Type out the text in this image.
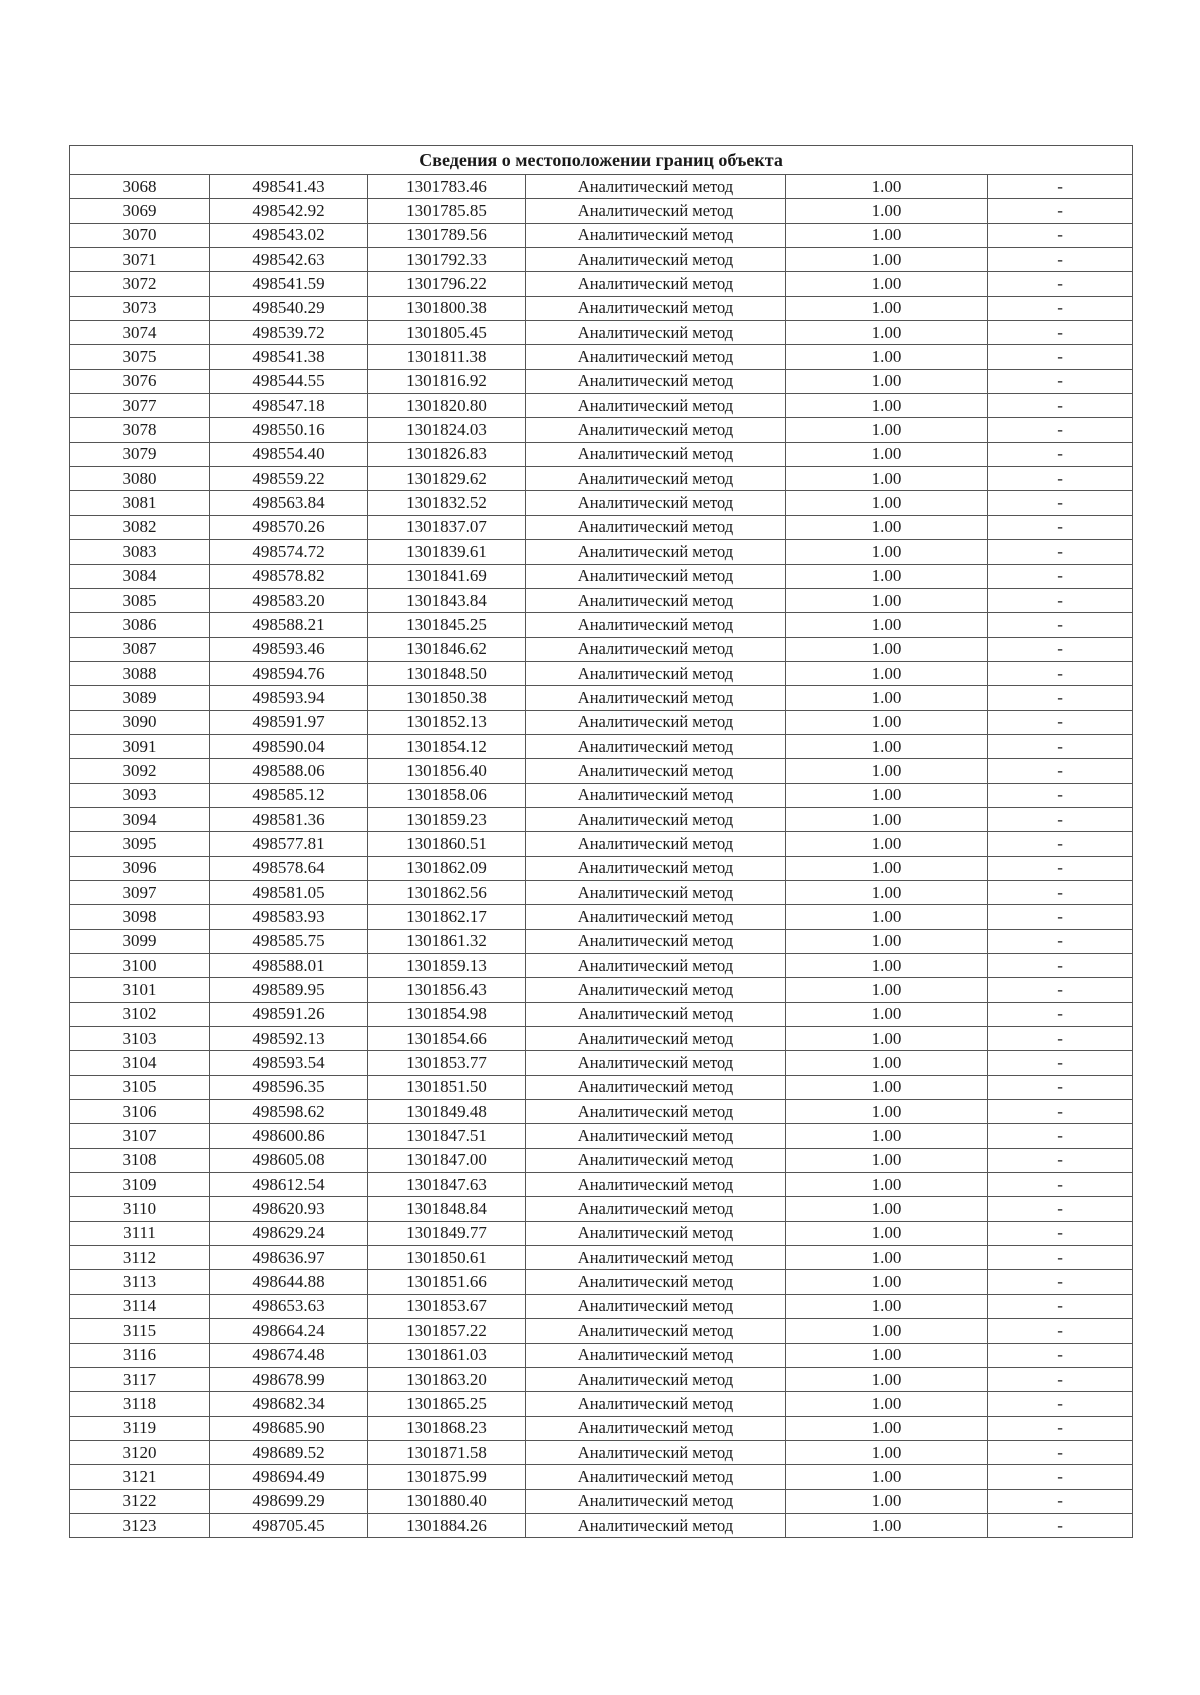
Сведения о местоположении границ объекта					
3068	498541.43	1301783.46	Аналитический метод	1.00	-
3069	498542.92	1301785.85	Аналитический метод	1.00	-
3070	498543.02	1301789.56	Аналитический метод	1.00	-
3071	498542.63	1301792.33	Аналитический метод	1.00	-
3072	498541.59	1301796.22	Аналитический метод	1.00	-
3073	498540.29	1301800.38	Аналитический метод	1.00	-
3074	498539.72	1301805.45	Аналитический метод	1.00	-
3075	498541.38	1301811.38	Аналитический метод	1.00	-
3076	498544.55	1301816.92	Аналитический метод	1.00	-
3077	498547.18	1301820.80	Аналитический метод	1.00	-
3078	498550.16	1301824.03	Аналитический метод	1.00	-
3079	498554.40	1301826.83	Аналитический метод	1.00	-
3080	498559.22	1301829.62	Аналитический метод	1.00	-
3081	498563.84	1301832.52	Аналитический метод	1.00	-
3082	498570.26	1301837.07	Аналитический метод	1.00	-
3083	498574.72	1301839.61	Аналитический метод	1.00	-
3084	498578.82	1301841.69	Аналитический метод	1.00	-
3085	498583.20	1301843.84	Аналитический метод	1.00	-
3086	498588.21	1301845.25	Аналитический метод	1.00	-
3087	498593.46	1301846.62	Аналитический метод	1.00	-
3088	498594.76	1301848.50	Аналитический метод	1.00	-
3089	498593.94	1301850.38	Аналитический метод	1.00	-
3090	498591.97	1301852.13	Аналитический метод	1.00	-
3091	498590.04	1301854.12	Аналитический метод	1.00	-
3092	498588.06	1301856.40	Аналитический метод	1.00	-
3093	498585.12	1301858.06	Аналитический метод	1.00	-
3094	498581.36	1301859.23	Аналитический метод	1.00	-
3095	498577.81	1301860.51	Аналитический метод	1.00	-
3096	498578.64	1301862.09	Аналитический метод	1.00	-
3097	498581.05	1301862.56	Аналитический метод	1.00	-
3098	498583.93	1301862.17	Аналитический метод	1.00	-
3099	498585.75	1301861.32	Аналитический метод	1.00	-
3100	498588.01	1301859.13	Аналитический метод	1.00	-
3101	498589.95	1301856.43	Аналитический метод	1.00	-
3102	498591.26	1301854.98	Аналитический метод	1.00	-
3103	498592.13	1301854.66	Аналитический метод	1.00	-
3104	498593.54	1301853.77	Аналитический метод	1.00	-
3105	498596.35	1301851.50	Аналитический метод	1.00	-
3106	498598.62	1301849.48	Аналитический метод	1.00	-
3107	498600.86	1301847.51	Аналитический метод	1.00	-
3108	498605.08	1301847.00	Аналитический метод	1.00	-
3109	498612.54	1301847.63	Аналитический метод	1.00	-
3110	498620.93	1301848.84	Аналитический метод	1.00	-
3111	498629.24	1301849.77	Аналитический метод	1.00	-
3112	498636.97	1301850.61	Аналитический метод	1.00	-
3113	498644.88	1301851.66	Аналитический метод	1.00	-
3114	498653.63	1301853.67	Аналитический метод	1.00	-
3115	498664.24	1301857.22	Аналитический метод	1.00	-
3116	498674.48	1301861.03	Аналитический метод	1.00	-
3117	498678.99	1301863.20	Аналитический метод	1.00	-
3118	498682.34	1301865.25	Аналитический метод	1.00	-
3119	498685.90	1301868.23	Аналитический метод	1.00	-
3120	498689.52	1301871.58	Аналитический метод	1.00	-
3121	498694.49	1301875.99	Аналитический метод	1.00	-
3122	498699.29	1301880.40	Аналитический метод	1.00	-
3123	498705.45	1301884.26	Аналитический метод	1.00	-
